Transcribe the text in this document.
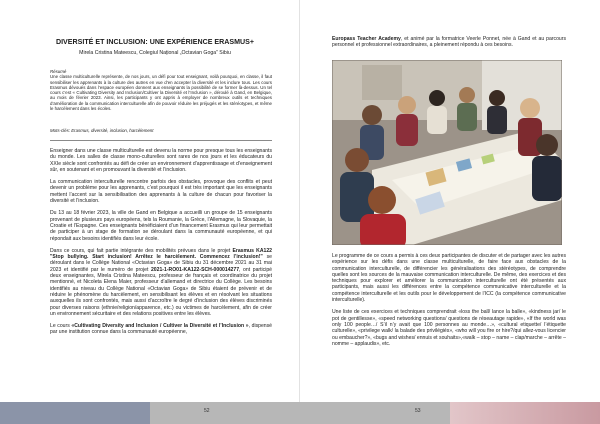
DIVERSITÉ ET INCLUSION: UNE EXPÉRIENCE ERASMUS+
Mirela Cristina Mateescu, Colegiul Național „Octavian Goga” Sibiu
Résumé
Une classe multiculturelle représente, de nos jours, un défi pour tout enseignant, voilà pourquoi, en classe, il faut sensibiliser les apprenants à la culture des autres en vue d’en accepter la diversité et les inclure tous. Les cours Erasmus dévoués dans l’espace européen donnent aux enseignants la possibilité de se former là-dessus. Un tel cours c’est « Cultivating Diversity and Inclusion/Cultiver la Diversité et l’Inclusion », déroulé à Gand, en Belgique, au mois de février 2023. Ainsi, les participants y ont appris à employer de nombreux outils et techniques d’amélioration de la communication interculturelle afin de pouvoir réduire les préjugés et les stéréotypes, et même le harcèlement dans les écoles.
Mots-clés: Erasmus, diversité, inclusion, harcèlement

Enseigner dans une classe multiculturelle est devenu la norme pour presque tous les enseignants du monde. Les salles de classe mono-culturelles sont rares de nos jours et les éducateurs du XXIe siècle sont confrontés au défi de créer un environnement d’apprentissage et d’enseignement sûr, en soutenant et en promouvant la diversité et l’inclusion.

La communication interculturelle rencontre parfois des obstacles, provoque des conflits et peut devenir un problème pour les apprenants, c’est pourquoi il est très important que les enseignants mettent l’accent sur la sensibilisation des apprenants à la culture de chacun pour favoriser la diversité et l’inclusion.

Du 13 au 18 février 2023, la ville de Gand en Belgique a accueilli un groupe de 15 enseignants provenant de plusieurs pays européens, tels la Roumanie, la Grèce, l’Allemagne, la Slovaquie, la Croatie et l’Espagne. Ces enseignants bénéficiaient d’un financement Erasmus qui leur permettait de participer à un stage de formation se déroulant dans la communauté européenne, et qui répondait aux besoins identifiés dans leur école.

Dans ce cours, qui fait partie intégrante des mobilités prévues dans le projet Erasmus KA122 "Stop bullying. Start inclusion! Arrêtez le harcèlement. Commencez l’inclusion!" se déroulant dans le Collège National «Octavian Goga» de Sibiu du 31 décembre 2021 au 31 mai 2023 et identifié par le numéro de projet 2021-1-RO01-KA122-SCH-000014277, ont participé deux enseignantes, Mirela Cristina Mateescu, professeur de français et coordinatrice du projet mentionné, et Nicoleta Elena Maier, professeur d’allemand et directrice du Collège. Les besoins identifiés au niveau du Collège National «Octavian Goga» de Sibiu étaient de prévenir et de réduire le phénomène du harcèlement, en sensibilisant les élèves et en résolvant les situations auxquelles ils sont confrontés, mais aussi d’accroître le degré d’inclusion des élèves discriminés pour diverses raisons (ethnie/religion/apparence, etc.) ou victimes de harcèlement, afin de créer un environnement sécuritaire et des relations positives entre les élèves.

Le cours «Cultivating Diversity and Inclusion / Cultiver la Diversité et l’Inclusion », dispensé par une institution connue dans la communauté européenne,

52

Europass Teacher Academy, et animé par la formatrice Veerle Ponnet, née à Gand et au parcours personnel et professionnel extraordinaires, a pleinement répondu à ces besoins.

Le programme de ce cours a permis à ces deux participantes de discuter et de partager avec les autres expérience sur les défis dans une classe multiculturelle, de faire face aux obstacles de la communication interculturelle, de différencier les généralisations des stéréotypes, de comprendre quelles sont les sources de la mauvaise communication interculturelle. De même, des exercices et des techniques pour explorer et améliorer la communication interculturelle ont été présentés aux participants, mais aussi les différences entre la compétence communicative interculturelle et la compétence interculturelle et les outils pour le développement de l’ICC (la compétence communicative interculturelle).

Une liste de ces exercices et techniques comprendrait «loss the ball/ lance la balle», «kindness jar/ le pot de gentillesse», «speed networking questions/ questions de réseautage rapide», «If the world was only 100 people…/ S’il n’y avait que 100 personnes au monde…», «cultural etiquette/ l’étiquette culturelle», «privilege walk/ la balade des privilégiés», «who will you fire or hire?/qui allez-vous licencier ou embaucher?», «bugs and wishes/ ennuis et souhaits»,«walk – stop – name – clap/marche – arrête – nomme – applaudis», etc.

53
